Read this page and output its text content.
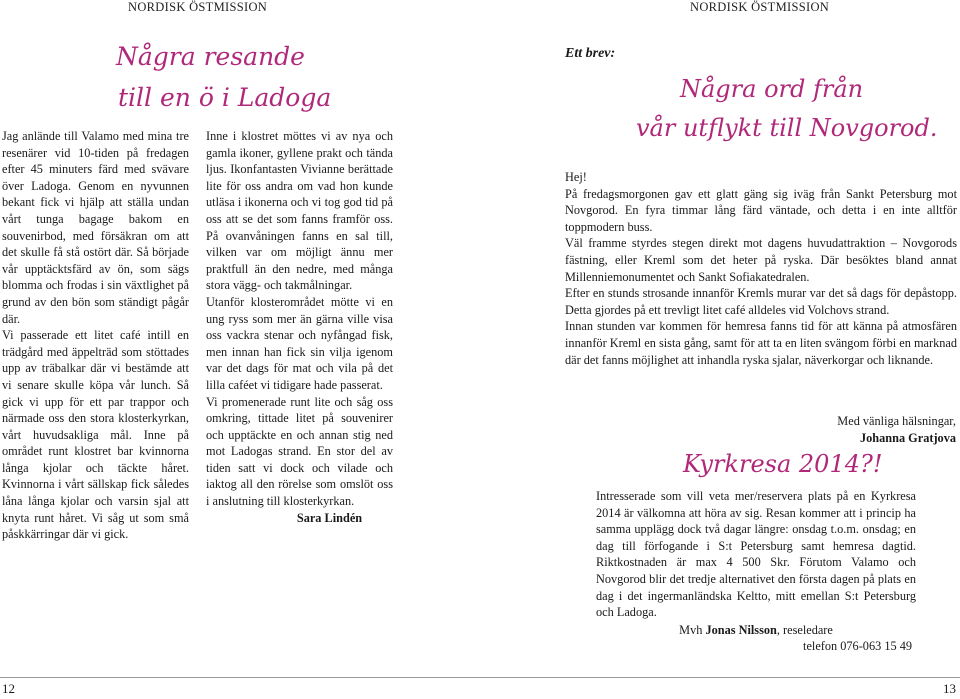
NORDISK ÖSTMISSION
Några resande
till en ö i Ladoga

Jag anlände till Valamo med mina tre resenärer vid 10-tiden på fredagen efter 45 minuters färd med svävare över Ladoga. Genom en nyvunnen bekant fick vi hjälp att ställa undan vårt tunga bagage bakom en souvenirbod, med försäkran om att det skulle få stå ostört där. Så började vår upptäcktsfärd av ön, som sägs blomma och frodas i sin växtlighet på grund av den bön som ständigt pågår där.

Vi passerade ett litet café intill en trädgård med äppelträd som stöttades upp av träbalkar där vi bestämde att vi senare skulle köpa vår lunch. Så gick vi upp för ett par trappor och närmade oss den stora klosterkyrkan, vårt huvudsakliga mål. Inne på området runt klostret bar kvinnorna långa kjolar och täckte håret. Kvinnorna i vårt sällskap fick således låna långa kjolar och varsin sjal att knyta runt håret. Vi såg ut som små påskkärringar där vi gick.

Inne i klostret möttes vi av nya och gamla ikoner, gyllene prakt och tända ljus. Ikonfantasten Vivianne berättade lite för oss andra om vad hon kunde utläsa i ikonerna och vi tog god tid på oss att se det som fanns framför oss. På ovanvåningen fanns en sal till, vilken var om möjligt ännu mer praktfull än den nedre, med många stora vägg- och takmålningar.

Utanför klosterområdet mötte vi en ung ryss som mer än gärna ville visa oss vackra stenar och nyfångad fisk, men innan han fick sin vilja igenom var det dags för mat och vila på det lilla caféet vi tidigare hade passerat.

Vi promenerade runt lite och såg oss omkring, tittade litet på souvenirer och upptäckte en och annan stig ned mot Ladogas strand. En stor del av tiden satt vi dock och vilade och iaktog all den rörelse som omslöt oss i anslutning till klosterkyrkan.

Sara Lindén

12
NORDISK ÖSTMISSION
Ett brev:
Några ord från
vår utflykt till Novgorod.

Hej!

På fredagsmorgonen gav ett glatt gäng sig iväg från Sankt Petersburg mot Novgorod. En fyra timmar lång färd väntade, och detta i en inte alltför toppmodern buss.

Väl framme styrdes stegen direkt mot dagens huvudattraktion – Novgorods fästning, eller Kreml som det heter på ryska. Där besöktes bland annat Millenniemonumentet och Sankt Sofiakatedralen.

Efter en stunds strosande innanför Kremls murar var det så dags för depåstopp. Detta gjordes på ett trevligt litet café alldeles vid Volchovs strand.

Innan stunden var kommen för hemresa fanns tid för att känna på atmosfären innanför Kreml en sista gång, samt för att ta en liten svängom förbi en marknad där det fanns möjlighet att inhandla ryska sjalar, näverkorgar och liknande.

Med vänliga hälsningar,
Johanna Gratjova
Kyrkresa 2014?!

Intresserade som vill veta mer/reservera plats på en Kyrkresa 2014 är välkomna att höra av sig. Resan kommer att i princip ha samma upplägg dock två dagar längre: onsdag t.o.m. onsdag; en dag till förfogande i S:t Petersburg samt hemresa dagtid. Riktkostnaden är max 4 500 Skr. Förutom Valamo och Novgorod blir det tredje alternativet den första dagen på plats en dag i det ingermanländska Keltto, mitt emellan S:t Petersburg och Ladoga.

Mvh Jonas Nilsson, reseledare

telefon 076-063 15 49

13
